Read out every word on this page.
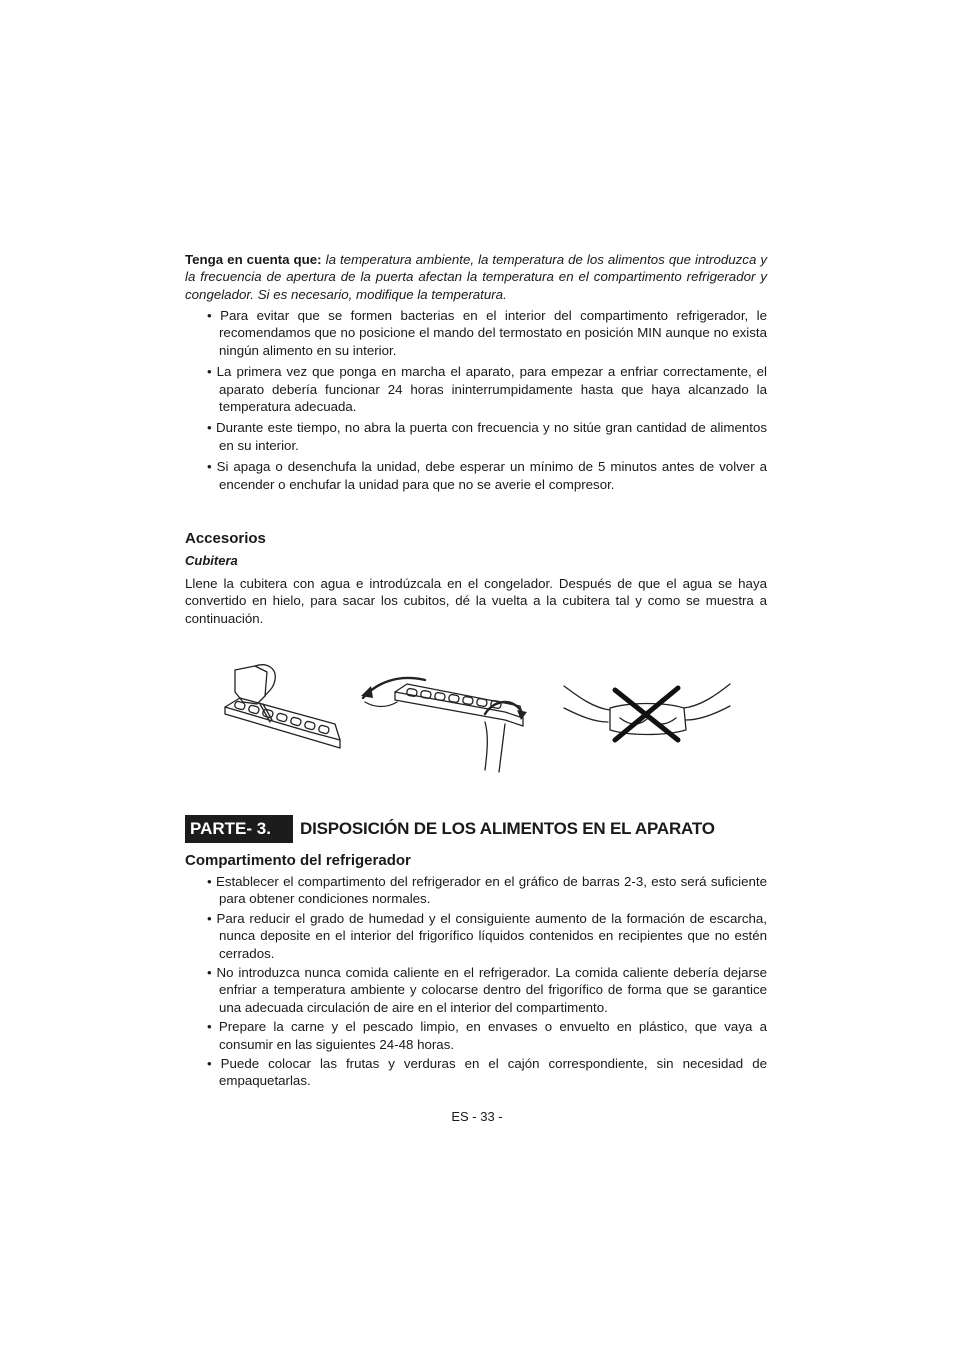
Tenga en cuenta que: la temperatura ambiente, la temperatura de los alimentos que introduzca y la frecuencia de apertura de la puerta afectan la temperatura en el compartimento refrigerador y congelador. Si es necesario, modifique la temperatura.
• Para evitar que se formen bacterias en el interior del compartimento refrigerador, le recomendamos que no posicione el mando del termostato en posición MIN aunque no exista ningún alimento en su interior.
• La primera vez que ponga en marcha el aparato, para empezar a enfriar correctamente, el aparato debería funcionar 24 horas ininterrumpidamente hasta que haya alcanzado la temperatura adecuada.
• Durante este tiempo, no abra la puerta con frecuencia y no sitúe gran cantidad de alimentos en su interior.
• Si apaga o desenchufa la unidad, debe esperar un mínimo de 5 minutos antes de volver a encender o enchufar la unidad para que no se averie el compresor.
Accesorios
Cubitera
Llene la cubitera con agua e introdúzcala en el congelador. Después de que el agua se haya convertido en hielo, para sacar los cubitos, dé la vuelta a la cubitera tal y como se muestra a continuación.
PARTE- 3.	DISPOSICIÓN DE LOS ALIMENTOS EN EL APARATO
Compartimento del refrigerador
• Establecer el compartimento del refrigerador en el gráfico de barras 2-3, esto será suficiente para obtener condiciones normales.
• Para reducir el grado de humedad y el consiguiente aumento de la formación de escarcha, nunca deposite en el interior del frigorífico líquidos contenidos en recipientes que no estén cerrados.
• No introduzca nunca comida caliente en el refrigerador. La comida caliente debería dejarse enfriar a temperatura ambiente y colocarse dentro del frigorífico de forma que se garantice una adecuada circulación de aire en el interior del compartimento.
• Prepare la carne y el pescado limpio, en envases o envuelto en plástico, que vaya a consumir en las siguientes 24-48 horas.
• Puede colocar las frutas y verduras en el cajón correspondiente, sin necesidad de empaquetarlas.
ES - 33 -
